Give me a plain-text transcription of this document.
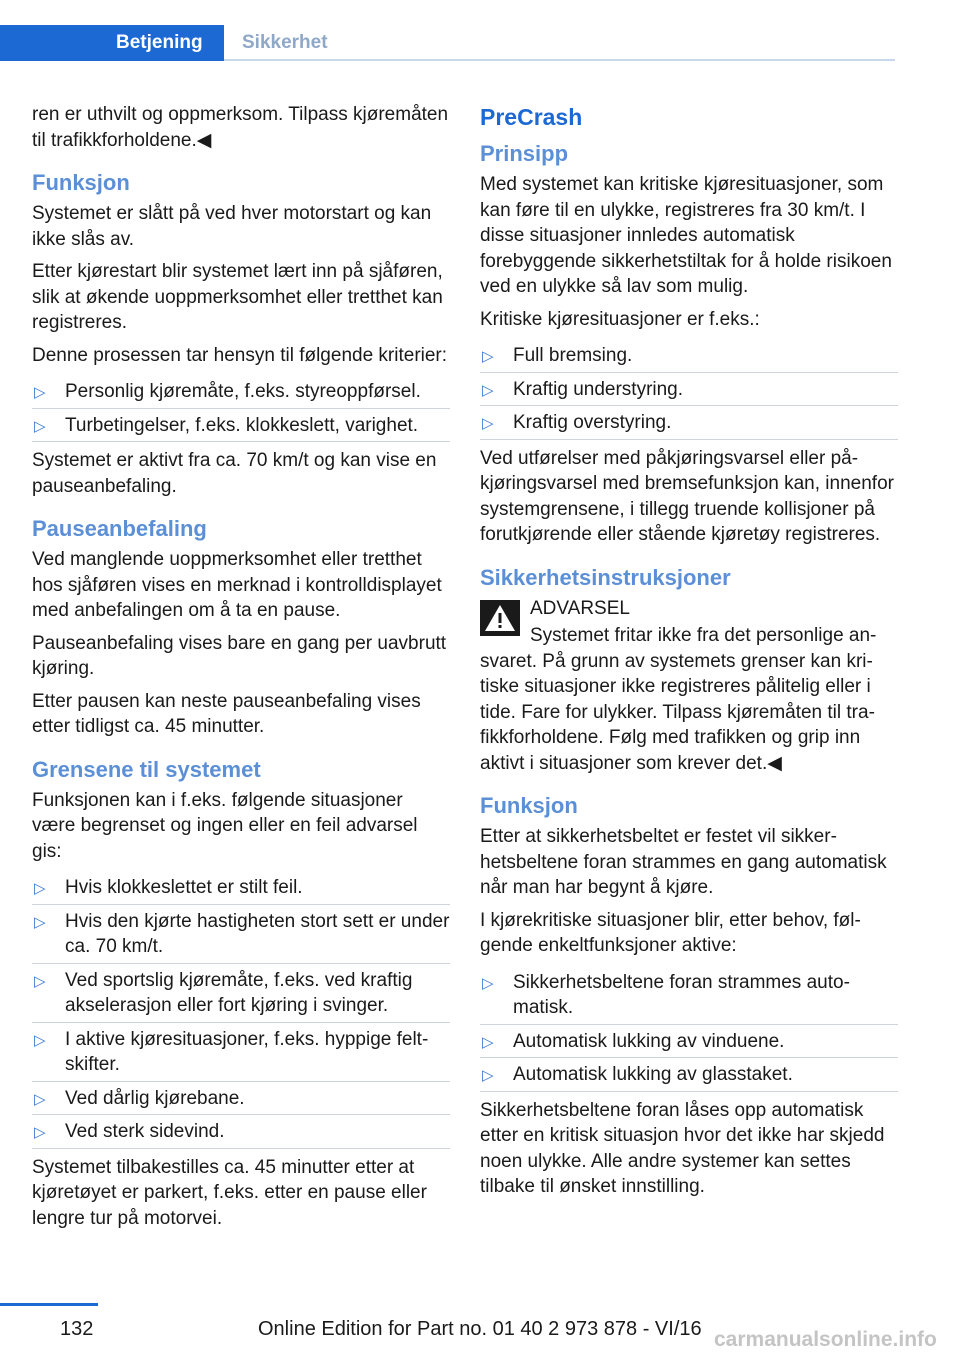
Betjening	Sikkerhet

ren er uthvilt og oppmerksom. Tilpass kjøremåten til trafikkforholdene.◀

Funksjon

Systemet er slått på ved hver motorstart og kan ikke slås av.

Etter kjørestart blir systemet lært inn på sjåføren, slik at økende uoppmerksomhet eller tretthet kan registreres.

Denne prosessen tar hensyn til følgende kriterier:

▷ Personlig kjøremåte, f.eks. styreoppførsel.
▷ Turbetingelser, f.eks. klokkeslett, varighet.

Systemet er aktivt fra ca. 70 km/t og kan vise en pauseanbefaling.

Pauseanbefaling

Ved manglende uoppmerksomhet eller tretthet hos sjåføren vises en merknad i kontrolldisplayet med anbefalingen om å ta en pause.

Pauseanbefaling vises bare en gang per uavbrutt kjøring.

Etter pausen kan neste pauseanbefaling vises etter tidligst ca. 45 minutter.

Grensene til systemet

Funksjonen kan i f.eks. følgende situasjoner være begrenset og ingen eller en feil advarsel gis:

▷ Hvis klokkeslettet er stilt feil.
▷ Hvis den kjørte hastigheten stort sett er under ca. 70 km/t.
▷ Ved sportslig kjøremåte, f.eks. ved kraftig akselerasjon eller fort kjøring i svinger.
▷ I aktive kjøresituasjoner, f.eks. hyppige feltskifter.
▷ Ved dårlig kjørebane.
▷ Ved sterk sidevind.

Systemet tilbakestilles ca. 45 minutter etter at kjøretøyet er parkert, f.eks. etter en pause eller lengre tur på motorvei.

PreCrash
Prinsipp

Med systemet kan kritiske kjøresituasjoner, som kan føre til en ulykke, registreres fra 30 km/t. I disse situasjoner innledes automatisk forebyggende sikkerhetstiltak for å holde risikoen ved en ulykke så lav som mulig.

Kritiske kjøresituasjoner er f.eks.:

▷ Full bremsing.
▷ Kraftig understyring.
▷ Kraftig overstyring.

Ved utførelser med påkjøringsvarsel eller påkjøringsvarsel med bremsefunksjon kan, innenfor systemgrensene, i tillegg truende kollisjoner på forutkjørende eller stående kjøretøy registreres.

Sikkerhetsinstruksjoner
ADVARSEL

Systemet fritar ikke fra det personlige ansvaret. På grunn av systemets grenser kan kritiske situasjoner ikke registreres pålitelig eller i tide. Fare for ulykker. Tilpass kjøremåten til trafikkforholdene. Følg med trafikken og grip inn aktivt i situasjoner som krever det.◀

Funksjon

Etter at sikkerhetsbeltet er festet vil sikkerhetsbeltene foran strammes en gang automatisk når man har begynt å kjøre.

I kjørekritiske situasjoner blir, etter behov, følgende enkeltfunksjoner aktive:

▷ Sikkerhetsbeltene foran strammes automatisk.
▷ Automatisk lukking av vinduene.
▷ Automatisk lukking av glasstaket.

Sikkerhetsbeltene foran låses opp automatisk etter en kritisk situasjon hvor det ikke har skjedd noen ulykke. Alle andre systemer kan settes tilbake til ønsket innstilling.

132	Online Edition for Part no. 01 40 2 973 878 - VI/16 carmanualsonline.info
